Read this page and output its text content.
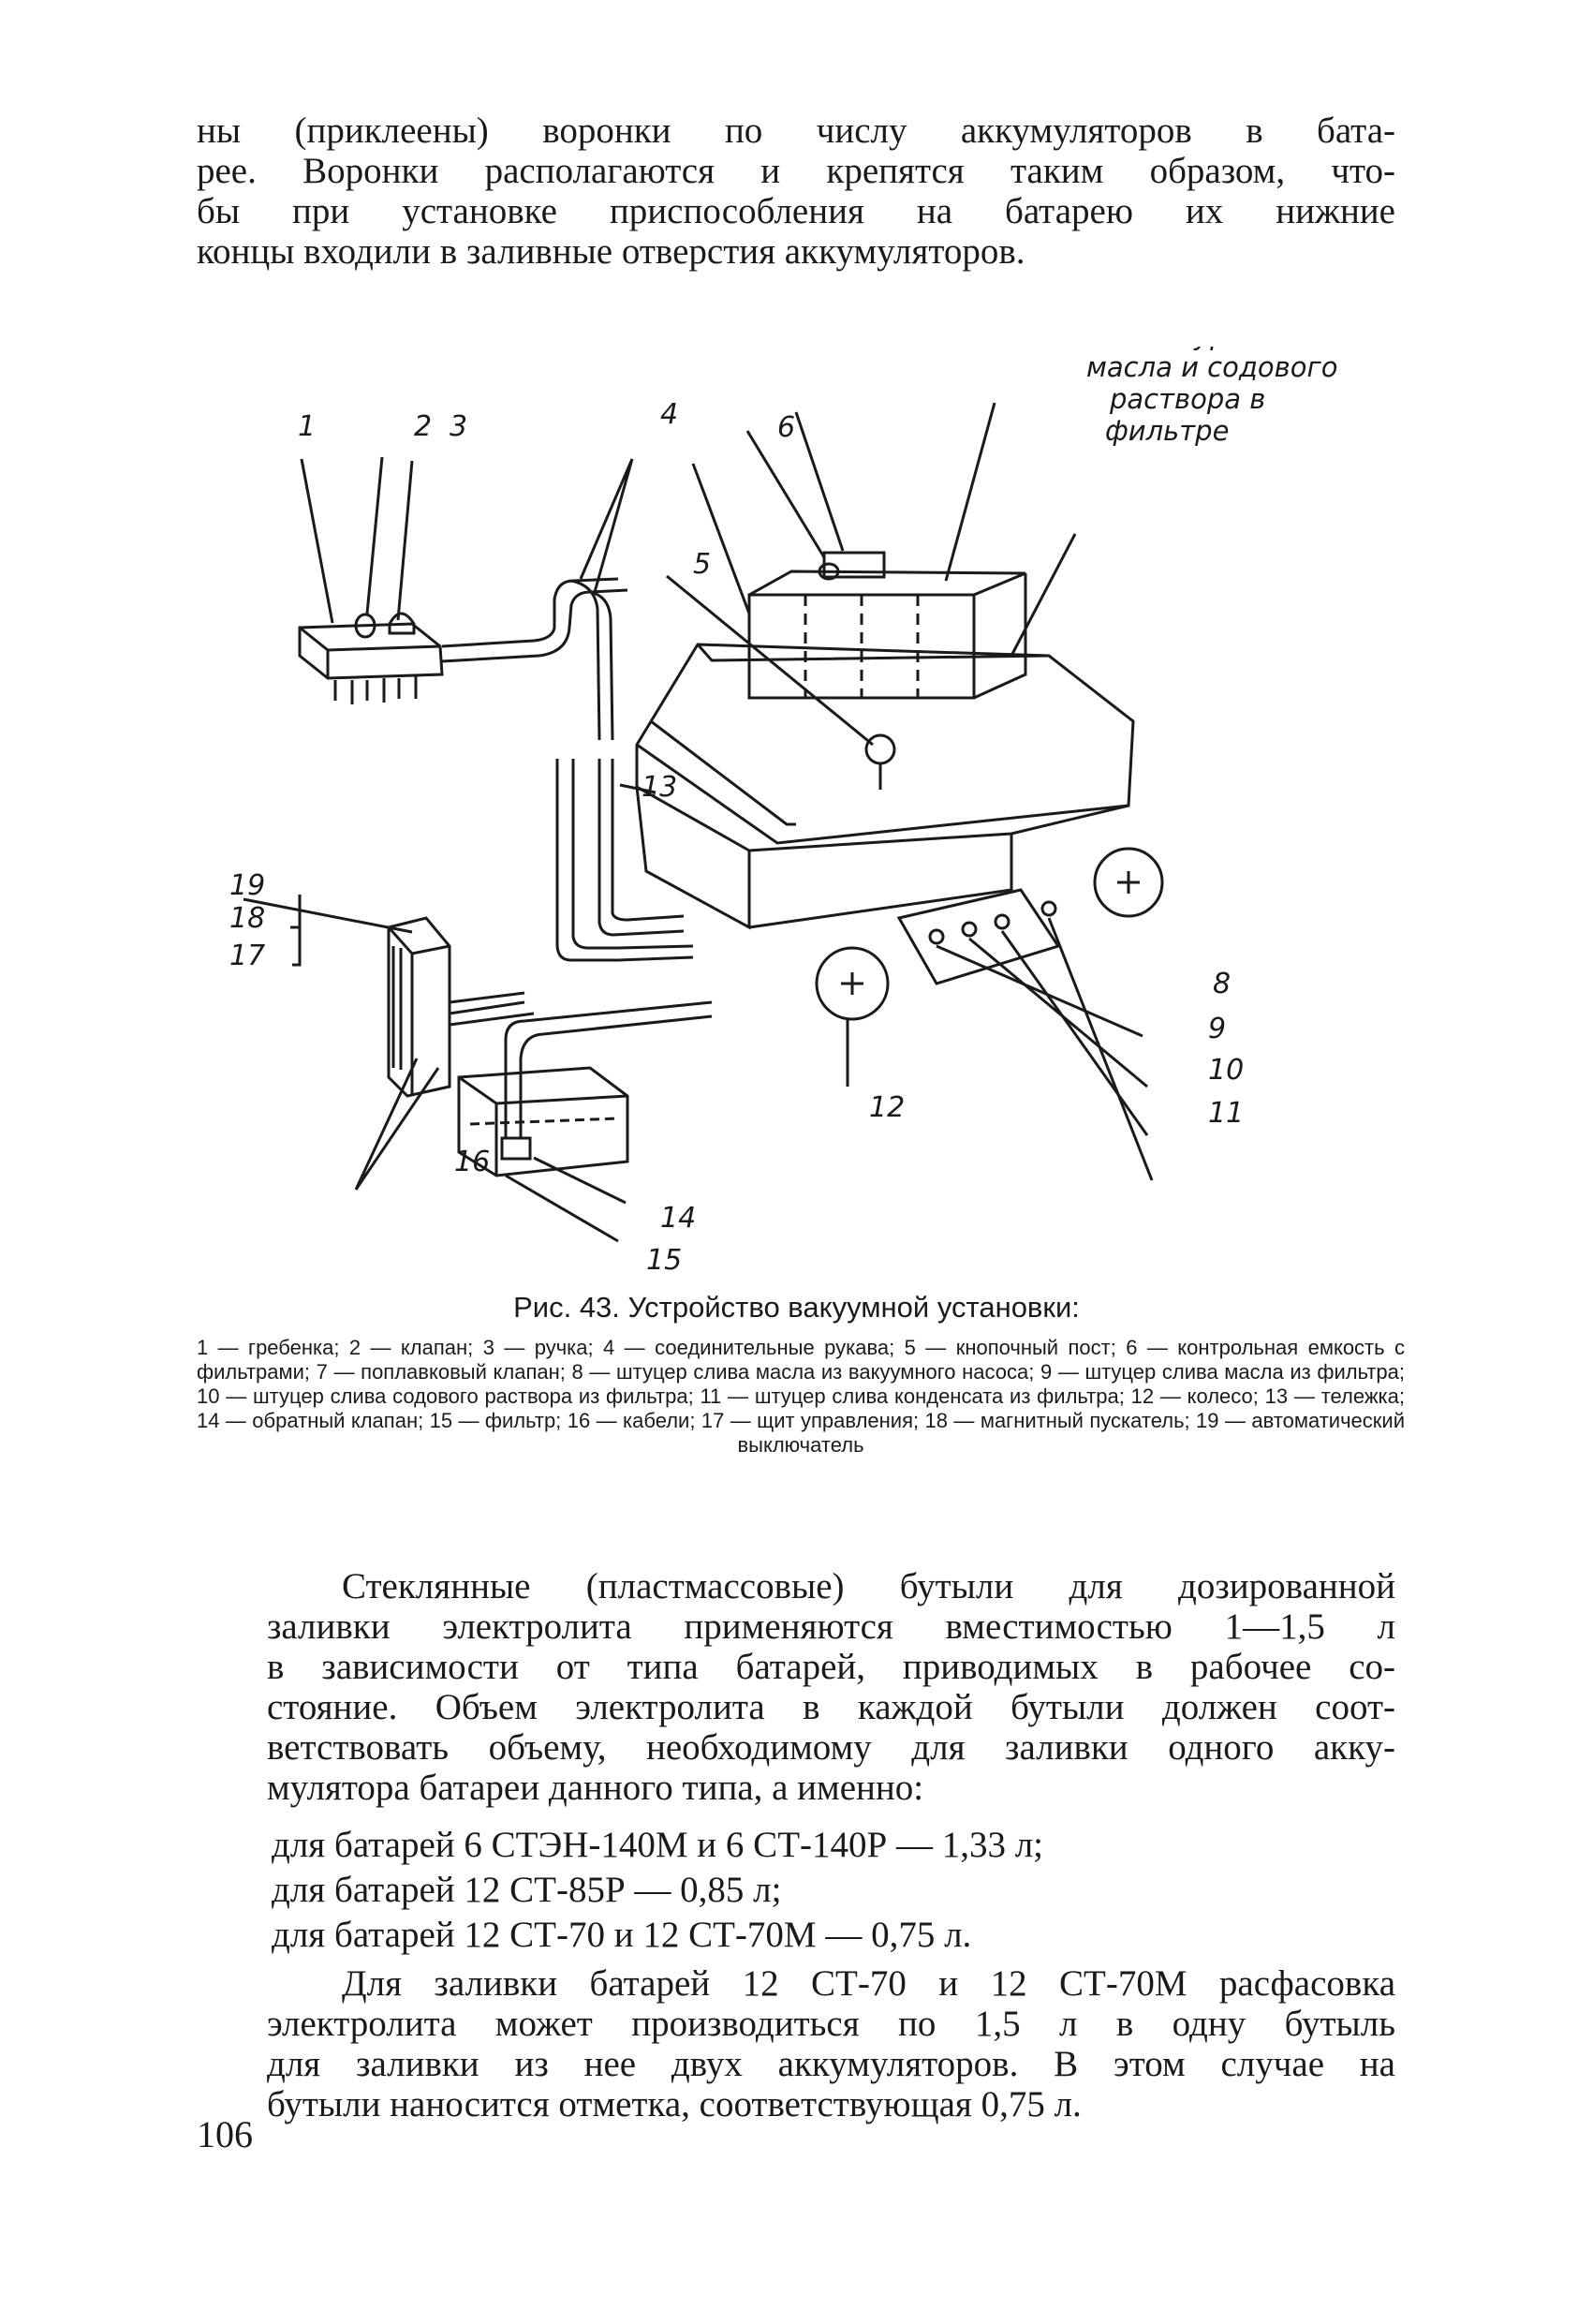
ны (приклеены) воронки по числу аккумуляторов в бата-
рее. Воронки располагаются и крепятся таким образом, что-
бы при установке приспособления на батарею их нижние
концы входили в заливные отверстия аккумуляторов.
масла и содового
раствора в
фильтре
1	2 3	4
5
6
8
9
10
11
12
13
14
15
16
17
18
19

Рис. 43. Устройство вакуумной установки:

1 — гребенка; 2 — клапан; 3 — ручка; 4 — соединительные рукава; 5 — кнопочный пост; 6 — контрольная емкость с фильтрами; 7 — поплавковый клапан; 8 — штуцер слива масла из вакуумного насоса; 9 — штуцер слива масла из фильтра; 10 — штуцер слива содового раствора из фильтра; 11 — штуцер слива конденсата из фильтра; 12 — колесо; 13 — тележка; 14 — обратный клапан; 15 — фильтр; 16 — кабели; 17 — щит управления; 18 — магнитный пускатель; 19 — автоматический выключатель

Стеклянные (пластмассовые) бутыли для дозированной
заливки электролита применяются вместимостью 1—1,5 л
в зависимости от типа батарей, приводимых в рабочее со-
стояние. Объем электролита в каждой бутыли должен соот-
ветствовать объему, необходимому для заливки одного акку-
мулятора батареи данного типа, а именно:

для батарей 6 СТЭН-140М и 6 СТ-140Р — 1,33 л;

для батарей 12 СТ-85Р — 0,85 л;

для батарей 12 СТ-70 и 12 СТ-70М — 0,75 л.

Для заливки батарей 12 СТ-70 и 12 СТ-70М расфасовка
электролита может производиться по 1,5 л в одну бутыль
для заливки из нее двух аккумуляторов. В этом случае на
бутыли наносится отметка, соответствующая 0,75 л.

106
